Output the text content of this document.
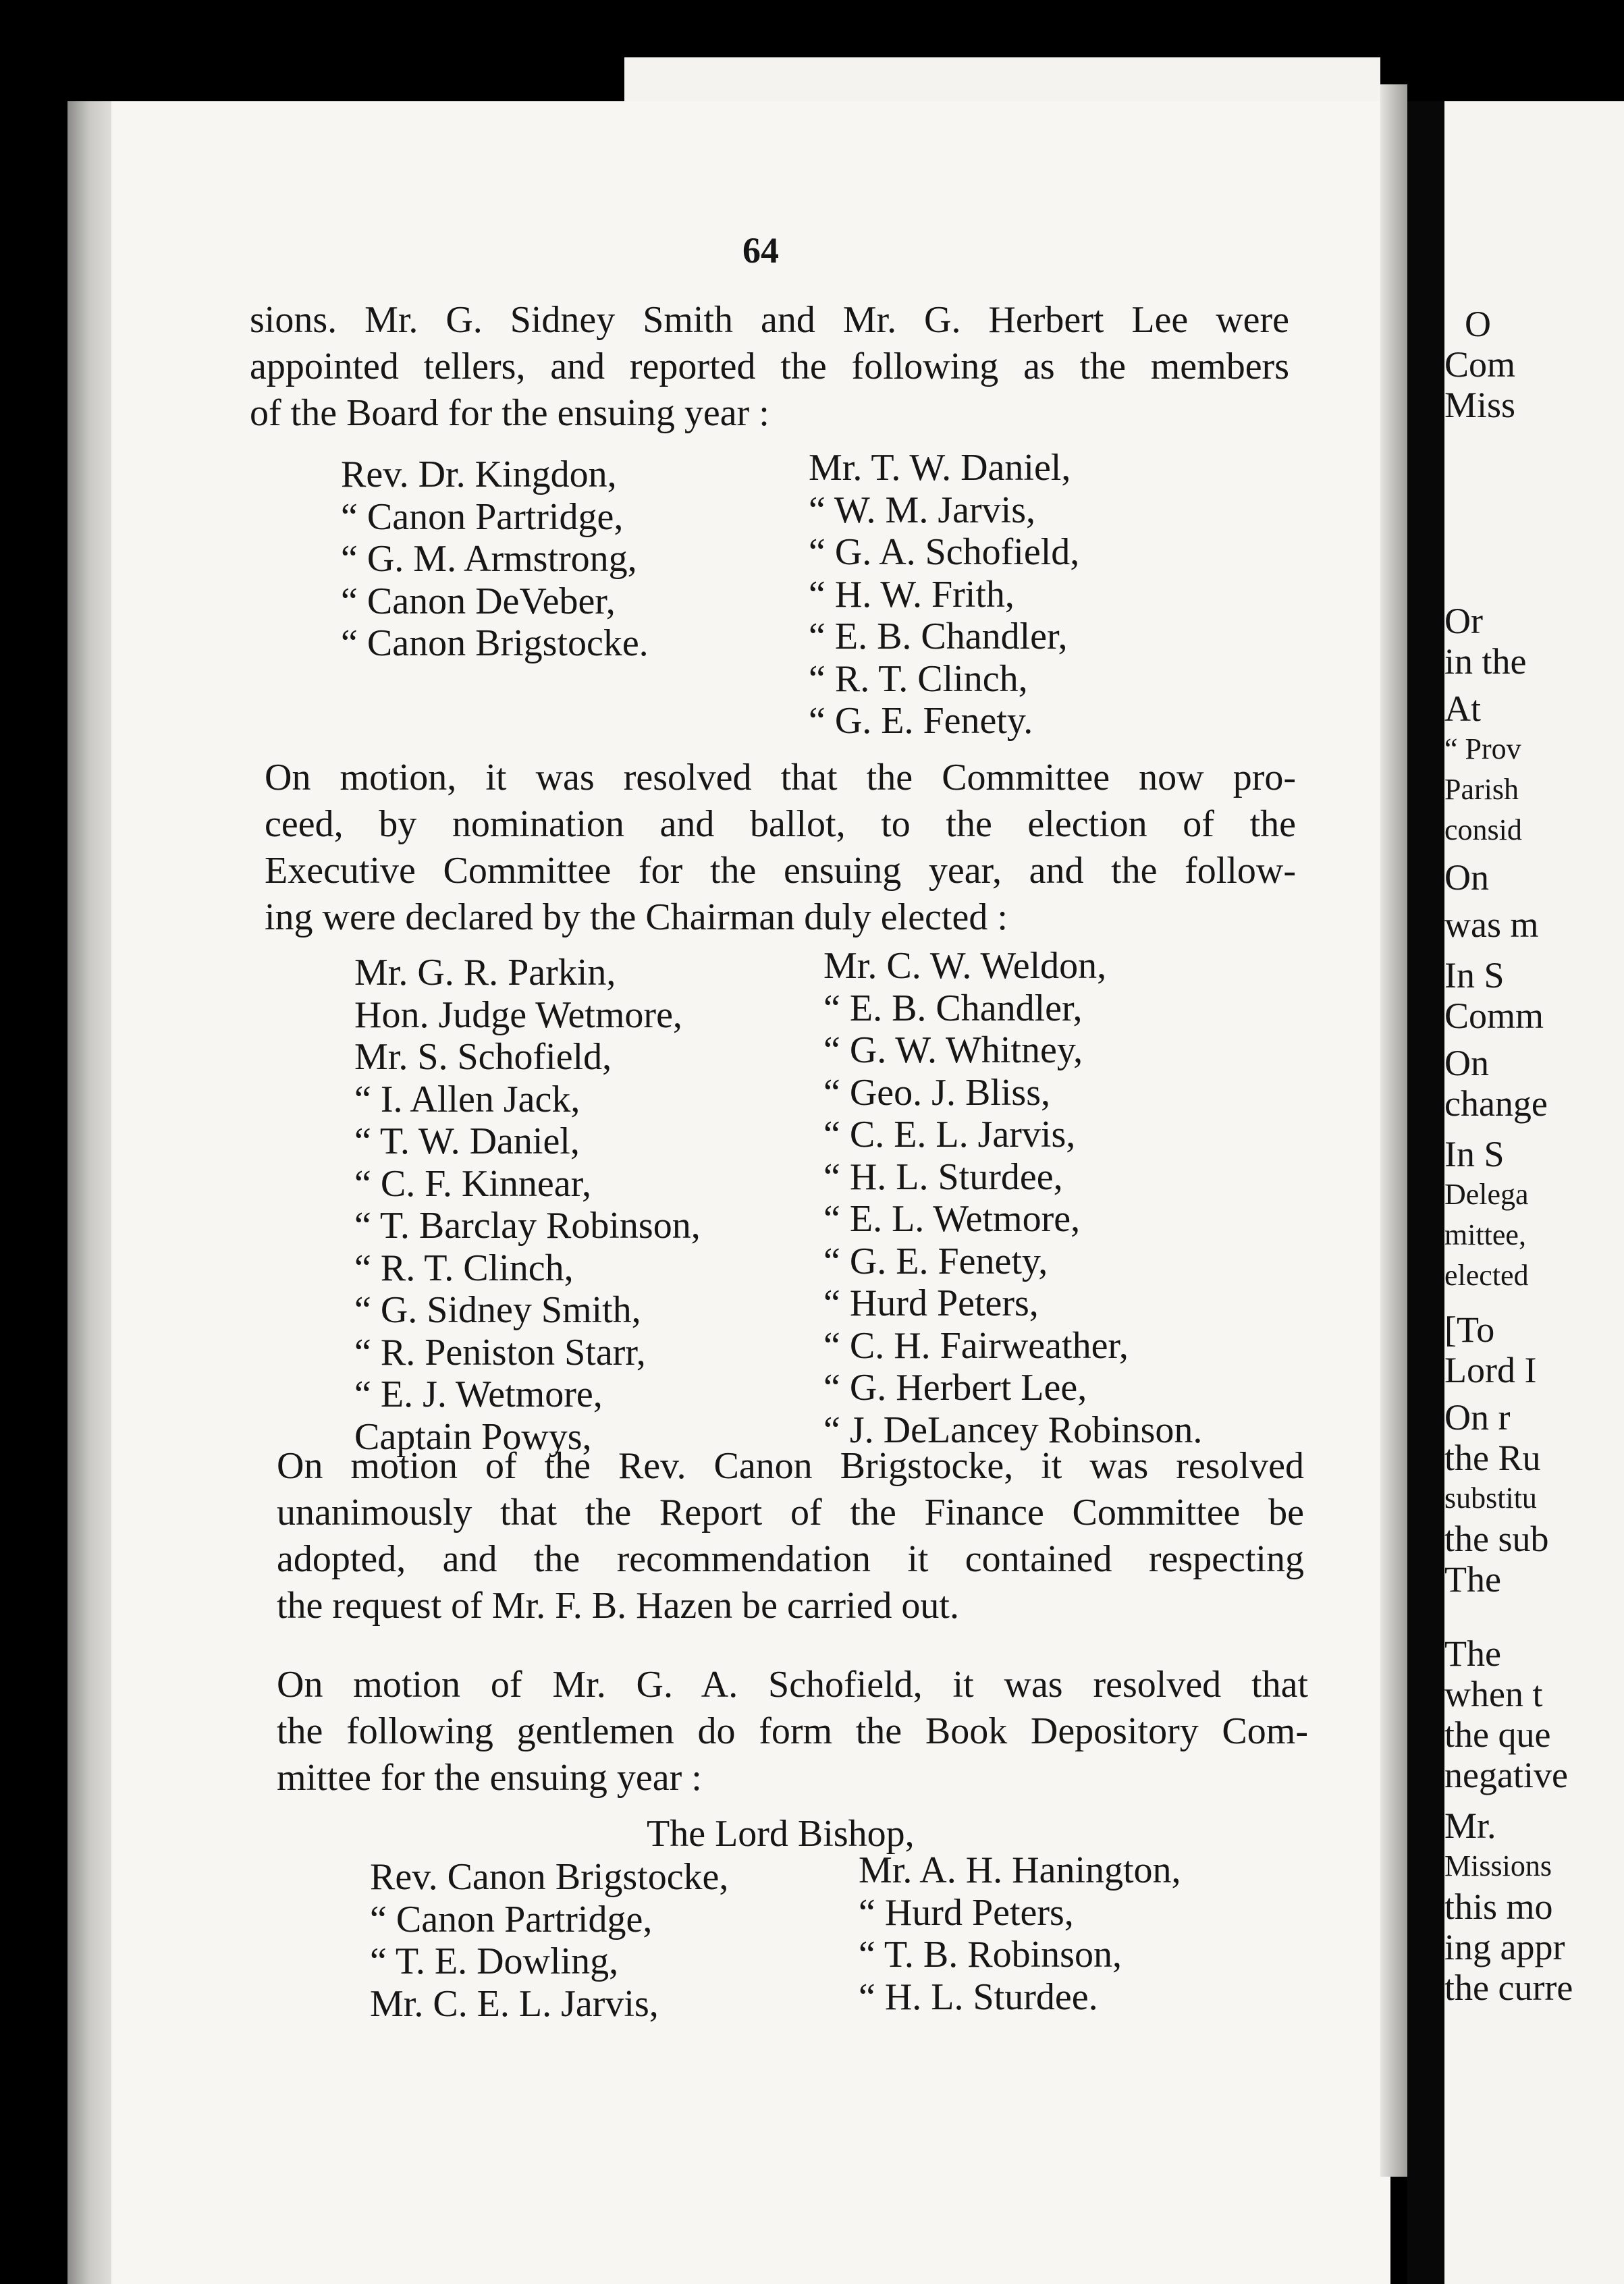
O
Com
Miss
Or
in the
At
“ Prov
Parish
consid
On
was m
In S
Comm
On
change
In S
Delega
mittee,
elected
[To
Lord I
On r
the Ru
substitu
the sub
The
The
when t
the que
negative
Mr.
Missions
this mo
ing appr
the curre
64
sions. Mr. G. Sidney Smith and Mr. G. Herbert Lee were
appointed tellers, and reported the following as the members
of the Board for the ensuing year :
Rev. Dr. Kingdon,
“ Canon Partridge,
“ G. M. Armstrong,
“ Canon DeVeber,
“ Canon Brigstocke.
Mr. T. W. Daniel,
“ W. M. Jarvis,
“ G. A. Schofield,
“ H. W. Frith,
“ E. B. Chandler,
“ R. T. Clinch,
“ G. E. Fenety.
On motion, it was resolved that the Committee now pro-
ceed, by nomination and ballot, to the election of the
Executive Committee for the ensuing year, and the follow-
ing were declared by the Chairman duly elected :
Mr. G. R. Parkin,
Hon. Judge Wetmore,
Mr. S. Schofield,
“ I. Allen Jack,
“ T. W. Daniel,
“ C. F. Kinnear,
“ T. Barclay Robinson,
“ R. T. Clinch,
“ G. Sidney Smith,
“ R. Peniston Starr,
“ E. J. Wetmore,
Captain Powys,
Mr. C. W. Weldon,
“ E. B. Chandler,
“ G. W. Whitney,
“ Geo. J. Bliss,
“ C. E. L. Jarvis,
“ H. L. Sturdee,
“ E. L. Wetmore,
“ G. E. Fenety,
“ Hurd Peters,
“ C. H. Fairweather,
“ G. Herbert Lee,
“ J. DeLancey Robinson.
On motion of the Rev. Canon Brigstocke, it was resolved
unanimously that the Report of the Finance Committee be
adopted, and the recommendation it contained respecting
the request of Mr. F. B. Hazen be carried out.
On motion of Mr. G. A. Schofield, it was resolved that
the following gentlemen do form the Book Depository Com-
mittee for the ensuing year :
The Lord Bishop,
Rev. Canon Brigstocke,
“ Canon Partridge,
“ T. E. Dowling,
Mr. C. E. L. Jarvis,
Mr. A. H. Hanington,
“ Hurd Peters,
“ T. B. Robinson,
“ H. L. Sturdee.
